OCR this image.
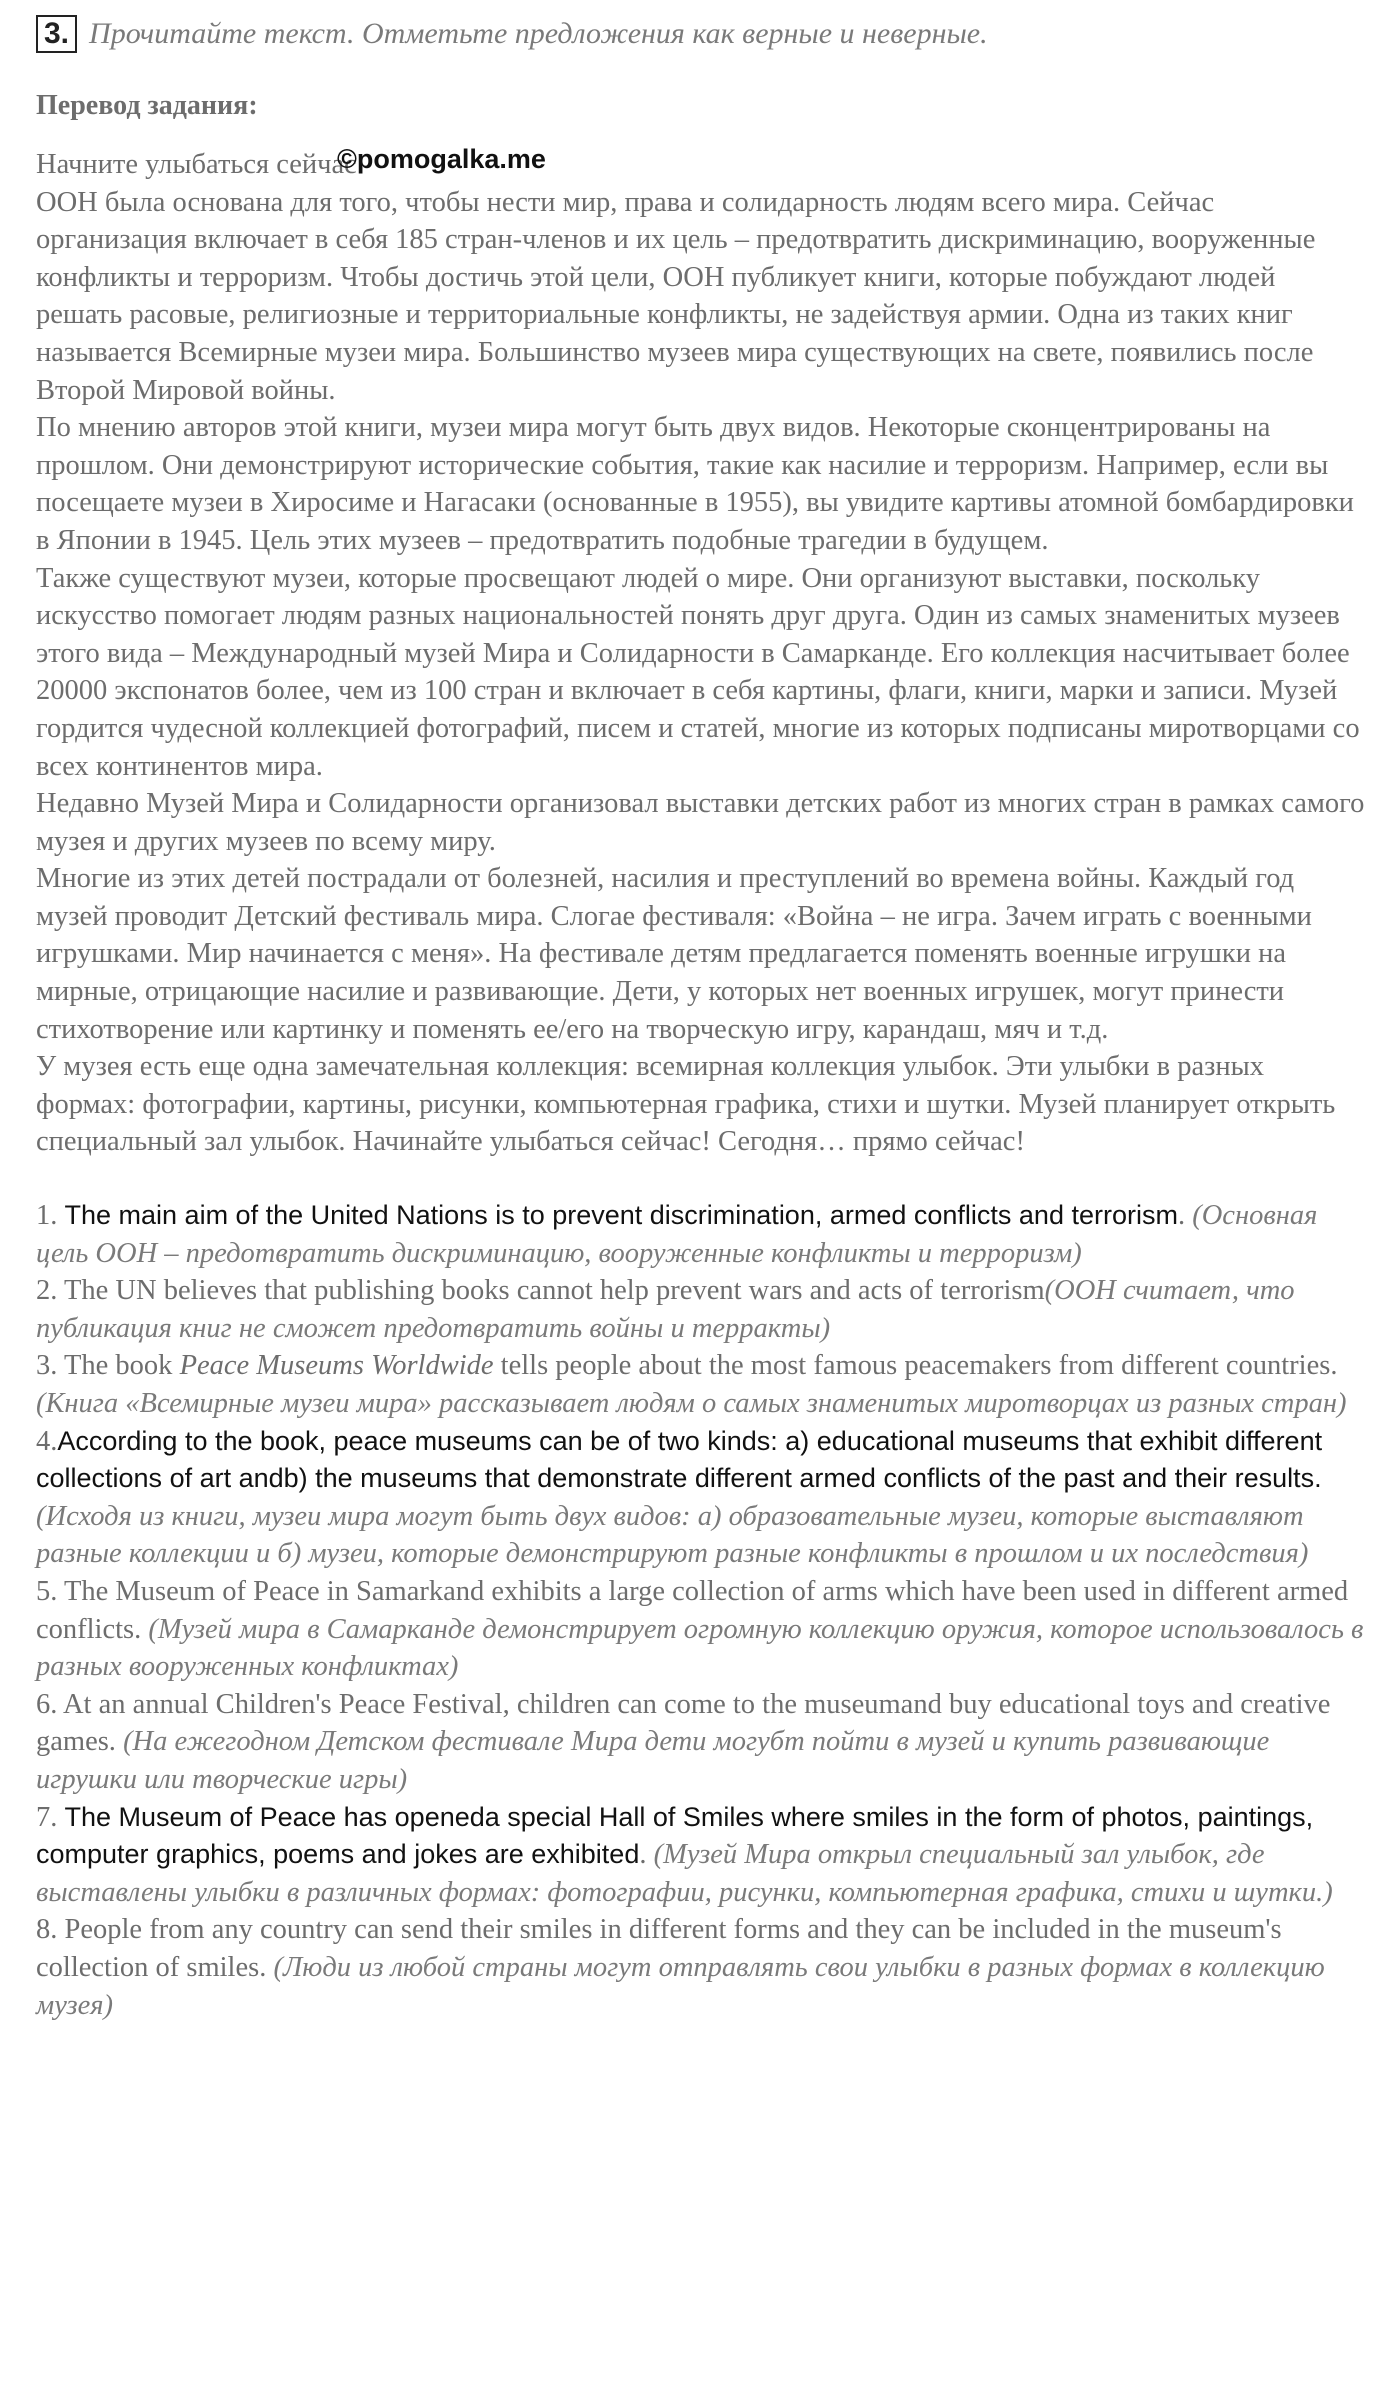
3. Прочитайте текст. Отметьте предложения как верные и неверные.
Перевод задания:

Начните улыбаться сейчас

ООН была основана для того, чтобы нести мир, права и солидарность людям всего мира. Сейчас организация включает в себя 185 стран-членов и их цель – предотвратить дискриминацию, вооруженные конфликты и терроризм. Чтобы достичь этой цели, ООН публикует книги, которые побуждают людей решать расовые, религиозные и территориальные конфликты, не задействуя армии. Одна из таких книг называется Всемирные музеи мира. Большинство музеев мира существующих на свете, появились после Второй Мировой войны.

По мнению авторов этой книги, музеи мира могут быть двух видов. Некоторые сконцентрированы на прошлом. Они демонстрируют исторические события, такие как насилие и терроризм. Например, если вы посещаете музеи в Хиросиме и Нагасаки (основанные в 1955), вы увидите картивы атомной бомбардировки в Японии в 1945. Цель этих музеев – предотвратить подобные трагедии в будущем.

Также существуют музеи, которые просвещают людей о мире. Они организуют выставки, поскольку искусство помогает людям разных национальностей понять друг друга. Один из самых знаменитых музеев этого вида – Международный музей Мира и Солидарности в Самарканде. Его коллекция насчитывает более 20000 экспонатов более, чем из 100 стран и включает в себя картины, флаги, книги, марки и записи. Музей гордится чудесной коллекцией фотографий, писем и статей, многие из которых подписаны миротворцами со всех континентов мира.

Недавно Музей Мира и Солидарности организовал выставки детских работ из многих стран в рамках самого музея и других музеев по всему миру.

Многие из этих детей пострадали от болезней, насилия и преступлений во времена войны. Каждый год музей проводит Детский фестиваль мира. Слогае фестиваля: «Война – не игра. Зачем играть с военными игрушками. Мир начинается с меня». На фестивале детям предлагается поменять военные игрушки на мирные, отрицающие насилие и развивающие. Дети, у которых нет военных игрушек, могут принести стихотворение или картинку и поменять ее/его на творческую игру, карандаш, мяч и т.д.

У музея есть еще одна замечательная коллекция: всемирная коллекция улыбок. Эти улыбки в разных формах: фотографии, картины, рисунки, компьютерная графика, стихи и шутки. Музей планирует открыть специальный зал улыбок. Начинайте улыбаться сейчас! Сегодня… прямо сейчас!

1. The main aim of the United Nations is to prevent discrimination, armed conflicts and terrorism. (Основная цель ООН – предотвратить дискриминацию, вооруженные конфликты и терроризм)
2. The UN believes that publishing books cannot help prevent wars and acts of terrorism(ООН считает, что публикация книг не сможет предотвратить войны и терракты)
3. The book Peace Museums Worldwide tells people about the most famous peacemakers from different countries. (Книга «Всемирные музеи мира» рассказывает людям о самых знаменитых миротворцах из разных стран)
4.According to the book, peace museums can be of two kinds: a) educational museums that exhibit different collections of art andb) the museums that demonstrate different armed conflicts of the past and their results. (Исходя из книги, музеи мира могут быть двух видов: а) образовательные музеи, которые выставляют разные коллекции и б) музеи, которые демонстрируют разные конфликты в прошлом и их последствия)
5. The Museum of Peace in Samarkand exhibits a large collection of arms which have been used in different armed conflicts. (Музей мира в Самарканде демонстрирует огромную коллекцию оружия, которое использовалось в разных вооруженных конфликтах)
6. At an annual Children's Peace Festival, children can come to the museumand buy educational toys and creative games. (На ежегодном Детском фестивале Мира дети могубт пойти в музей и купить развивающие игрушки или творческие игры)
7. The Museum of Peace has openeda special Hall of Smiles where smiles in the form of photos, paintings, computer graphics, poems and jokes are exhibited. (Музей Мира открыл специальный зал улыбок, где выставлены улыбки в различных формах: фотографии, рисунки, компьютерная графика, стихи и шутки.)
8. People from any country can send their smiles in different forms and they can be included in the museum's collection of smiles. (Люди из любой страны могут отправлять свои улыбки в разных формах в коллекцию музея)
©pomogalka.me
